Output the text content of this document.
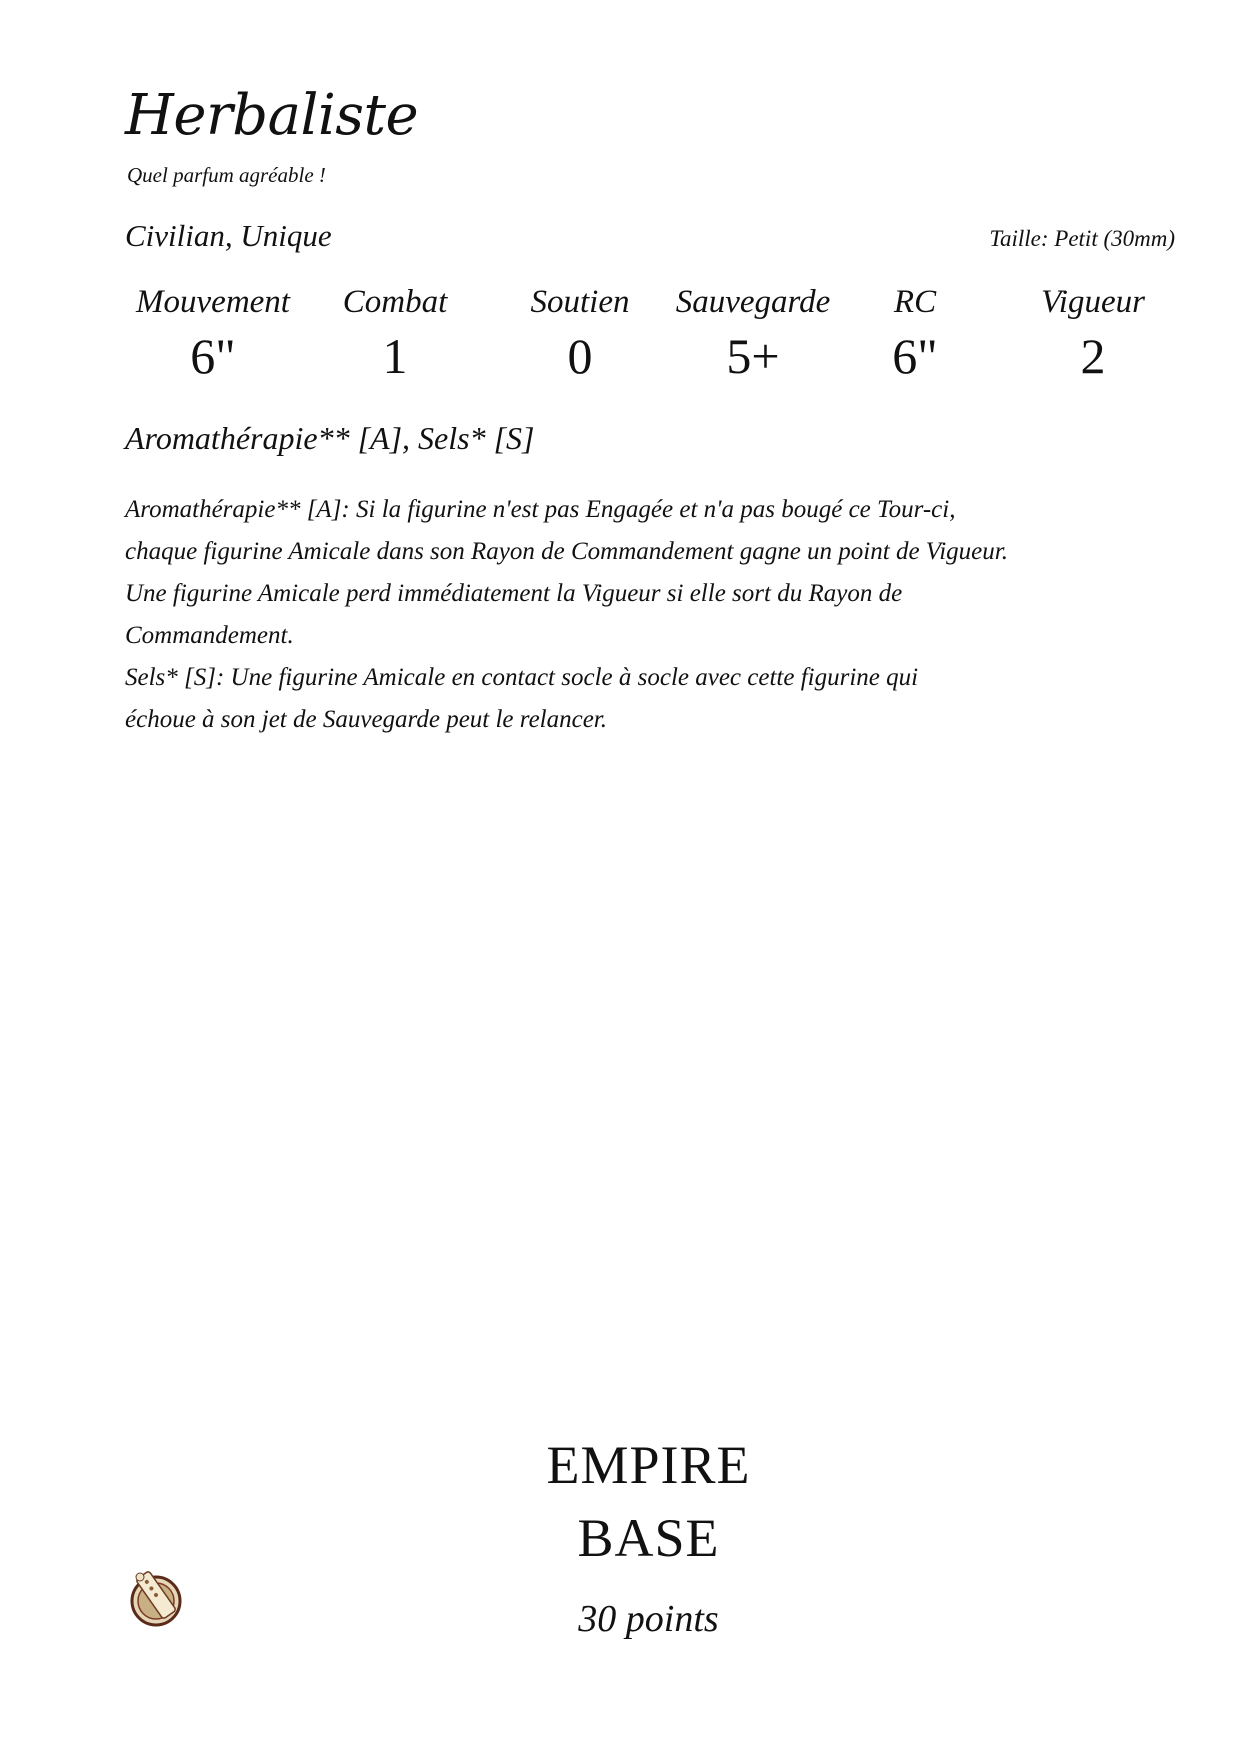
Herbaliste
Quel parfum agréable !
Civilian, Unique	Taille: Petit (30mm)
Mouvement
6"
Combat
1
Soutien
0
Sauvegarde
5+
RC
6"
Vigueur
2
Aromathérapie** [A], Sels* [S]

Aromathérapie** [A]: Si la figurine n'est pas Engagée et n'a pas bougé ce Tour-ci,

chaque figurine Amicale dans son Rayon de Commandement gagne un point de Vigueur.

Une figurine Amicale perd immédiatement la Vigueur si elle sort du Rayon de

Commandement.

Sels* [S]: Une figurine Amicale en contact socle à socle avec cette figurine qui

échoue à son jet de Sauvegarde peut le relancer.

EMPIRE
BASE
30 points
